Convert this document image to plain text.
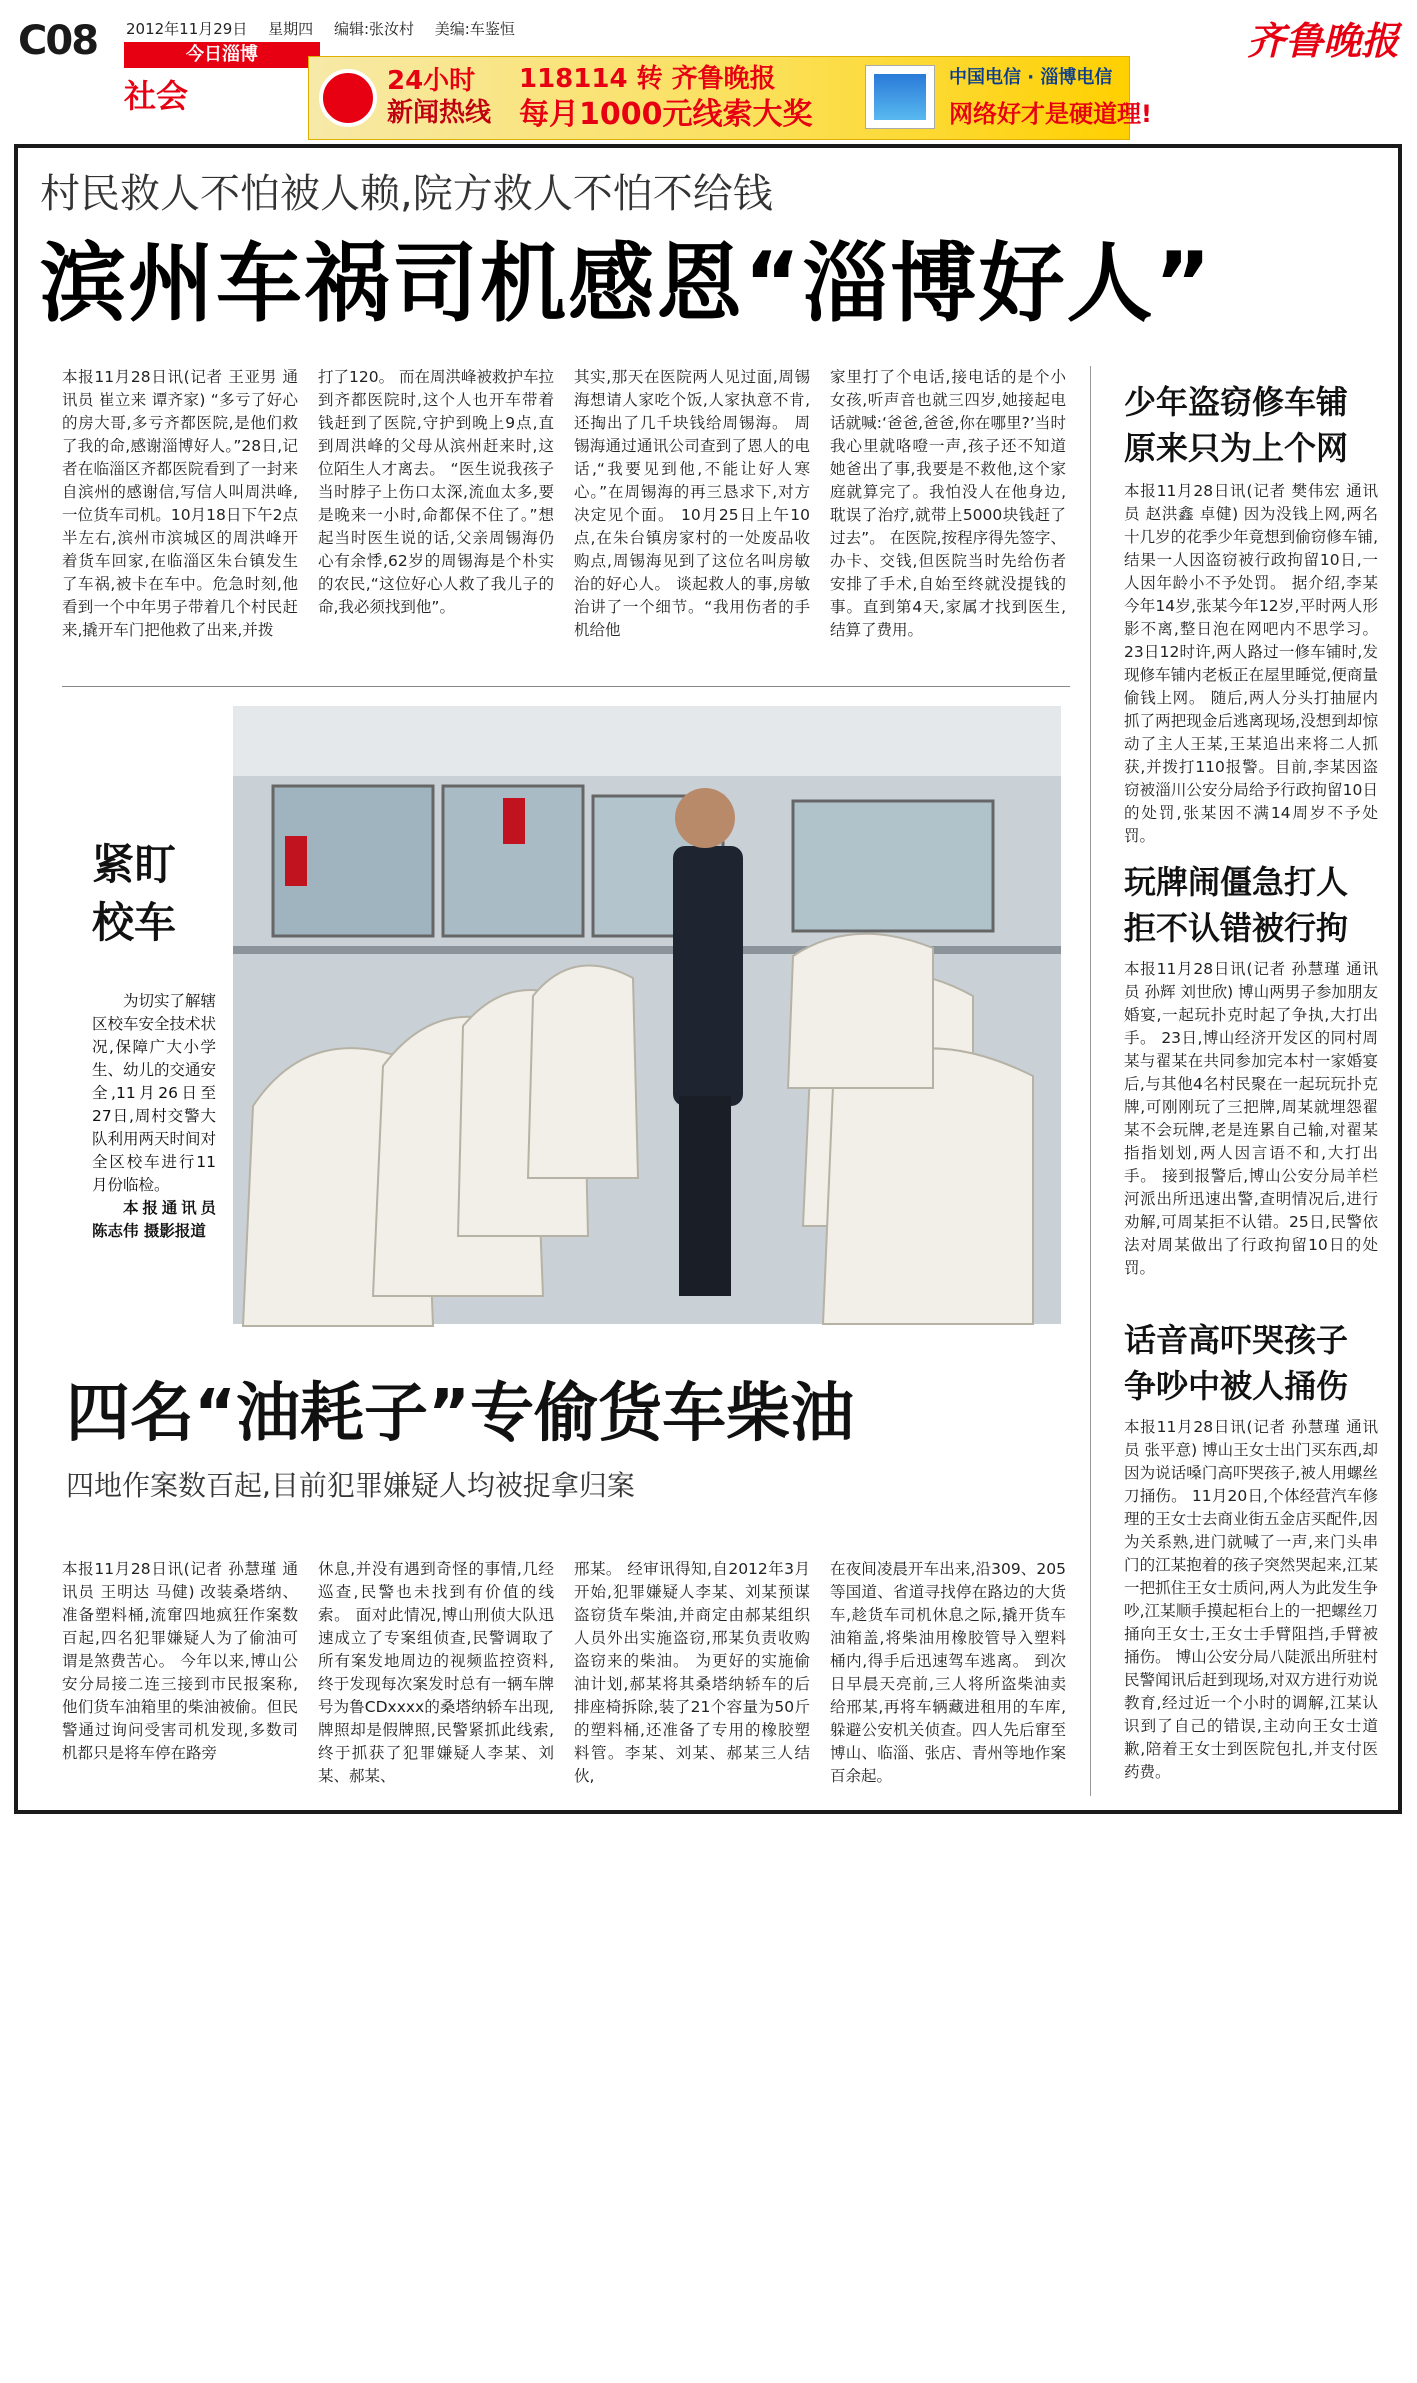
C08	2012年11月29日 星期四 编辑:张汝村 美编:车鉴恒
今日淄博
社会
齐鲁晚报
24小时
新闻热线
118114 转 齐鲁晚报
每月1000元线索大奖
中国电信 · 淄博电信
网络好才是硬道理!
村民救人不怕被人赖,院方救人不怕不给钱
滨州车祸司机感恩“淄博好人”
本报11月28日讯(记者 王亚男 通讯员 崔立来 谭齐家) “多亏了好心的房大哥,多亏齐都医院,是他们救了我的命,感谢淄博好人。”28日,记者在临淄区齐都医院看到了一封来自滨州的感谢信,写信人叫周洪峰,一位货车司机。10月18日下午2点半左右,滨州市滨城区的周洪峰开着货车回家,在临淄区朱台镇发生了车祸,被卡在车中。危急时刻,他看到一个中年男子带着几个村民赶来,撬开车门把他救了出来,并拨
打了120。 而在周洪峰被救护车拉到齐都医院时,这个人也开车带着钱赶到了医院,守护到晚上9点,直到周洪峰的父母从滨州赶来时,这位陌生人才离去。 “医生说我孩子当时脖子上伤口太深,流血太多,要是晚来一小时,命都保不住了。”想起当时医生说的话,父亲周锡海仍心有余悸,62岁的周锡海是个朴实的农民,“这位好心人救了我儿子的命,我必须找到他”。
其实,那天在医院两人见过面,周锡海想请人家吃个饭,人家执意不肯,还掏出了几千块钱给周锡海。 周锡海通过通讯公司查到了恩人的电话,“我要见到他,不能让好人寒心。”在周锡海的再三恳求下,对方决定见个面。 10月25日上午10点,在朱台镇房家村的一处废品收购点,周锡海见到了这位名叫房敏治的好心人。 谈起救人的事,房敏治讲了一个细节。“我用伤者的手机给他
家里打了个电话,接电话的是个小女孩,听声音也就三四岁,她接起电话就喊:‘爸爸,爸爸,你在哪里?’当时我心里就咯噔一声,孩子还不知道她爸出了事,我要是不救他,这个家庭就算完了。我怕没人在他身边,耽误了治疗,就带上5000块钱赶了过去”。 在医院,按程序得先签字、办卡、交钱,但医院当时先给伤者安排了手术,自始至终就没提钱的事。直到第4天,家属才找到医生,结算了费用。
紧盯校车

为切实了解辖区校车安全技术状况,保障广大小学生、幼儿的交通安全,11月26日至27日,周村交警大队利用两天时间对全区校车进行11月份临检。

本报通讯员 陈志伟 摄影报道

四名“油耗子”专偷货车柴油
四地作案数百起,目前犯罪嫌疑人均被捉拿归案
本报11月28日讯(记者 孙慧瑾 通讯员 王明达 马健) 改装桑塔纳、准备塑料桶,流窜四地疯狂作案数百起,四名犯罪嫌疑人为了偷油可谓是煞费苦心。 今年以来,博山公安分局接二连三接到市民报案称,他们货车油箱里的柴油被偷。但民警通过询问受害司机发现,多数司机都只是将车停在路旁
休息,并没有遇到奇怪的事情,几经巡查,民警也未找到有价值的线索。 面对此情况,博山刑侦大队迅速成立了专案组侦查,民警调取了所有案发地周边的视频监控资料,终于发现每次案发时总有一辆车牌号为鲁CDxxxx的桑塔纳轿车出现,牌照却是假牌照,民警紧抓此线索,终于抓获了犯罪嫌疑人李某、刘某、郝某、
邢某。 经审讯得知,自2012年3月开始,犯罪嫌疑人李某、刘某预谋盗窃货车柴油,并商定由郝某组织人员外出实施盗窃,邢某负责收购盗窃来的柴油。 为更好的实施偷油计划,郝某将其桑塔纳轿车的后排座椅拆除,装了21个容量为50斤的塑料桶,还准备了专用的橡胶塑料管。李某、刘某、郝某三人结伙,
在夜间凌晨开车出来,沿309、205等国道、省道寻找停在路边的大货车,趁货车司机休息之际,撬开货车油箱盖,将柴油用橡胶管导入塑料桶内,得手后迅速驾车逃离。 到次日早晨天亮前,三人将所盗柴油卖给邢某,再将车辆藏进租用的车库,躲避公安机关侦查。四人先后窜至博山、临淄、张店、青州等地作案百余起。
少年盗窃修车铺
原来只为上个网
本报11月28日讯(记者 樊伟宏 通讯员 赵洪鑫 卓健) 因为没钱上网,两名十几岁的花季少年竟想到偷窃修车铺,结果一人因盗窃被行政拘留10日,一人因年龄小不予处罚。 据介绍,李某今年14岁,张某今年12岁,平时两人形影不离,整日泡在网吧内不思学习。23日12时许,两人路过一修车铺时,发现修车铺内老板正在屋里睡觉,便商量偷钱上网。 随后,两人分头打抽屉内抓了两把现金后逃离现场,没想到却惊动了主人王某,王某追出来将二人抓获,并拨打110报警。目前,李某因盗窃被淄川公安分局给予行政拘留10日的处罚,张某因不满14周岁不予处罚。
玩牌闹僵急打人
拒不认错被行拘
本报11月28日讯(记者 孙慧瑾 通讯员 孙辉 刘世欣) 博山两男子参加朋友婚宴,一起玩扑克时起了争执,大打出手。 23日,博山经济开发区的同村周某与翟某在共同参加完本村一家婚宴后,与其他4名村民聚在一起玩玩扑克牌,可刚刚玩了三把牌,周某就埋怨翟某不会玩牌,老是连累自己输,对翟某指指划划,两人因言语不和,大打出手。 接到报警后,博山公安分局羊栏河派出所迅速出警,查明情况后,进行劝解,可周某拒不认错。25日,民警依法对周某做出了行政拘留10日的处罚。
话音高吓哭孩子
争吵中被人捅伤
本报11月28日讯(记者 孙慧瑾 通讯员 张平意) 博山王女士出门买东西,却因为说话嗓门高吓哭孩子,被人用螺丝刀捅伤。 11月20日,个体经营汽车修理的王女士去商业街五金店买配件,因为关系熟,进门就喊了一声,来门头串门的江某抱着的孩子突然哭起来,江某一把抓住王女士质问,两人为此发生争吵,江某顺手摸起柜台上的一把螺丝刀捅向王女士,王女士手臂阻挡,手臂被捅伤。 博山公安分局八陡派出所驻村民警闻讯后赶到现场,对双方进行劝说教育,经过近一个小时的调解,江某认识到了自己的错误,主动向王女士道歉,陪着王女士到医院包扎,并支付医药费。
